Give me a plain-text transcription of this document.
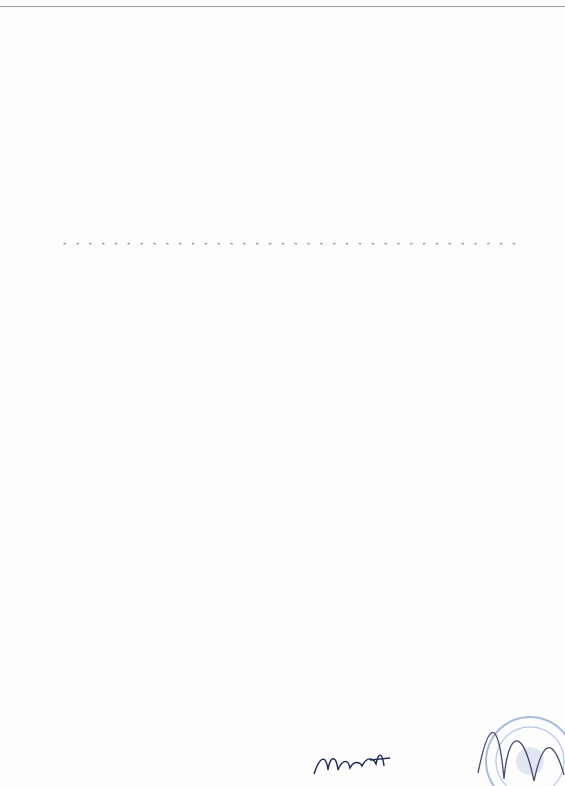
- - -
